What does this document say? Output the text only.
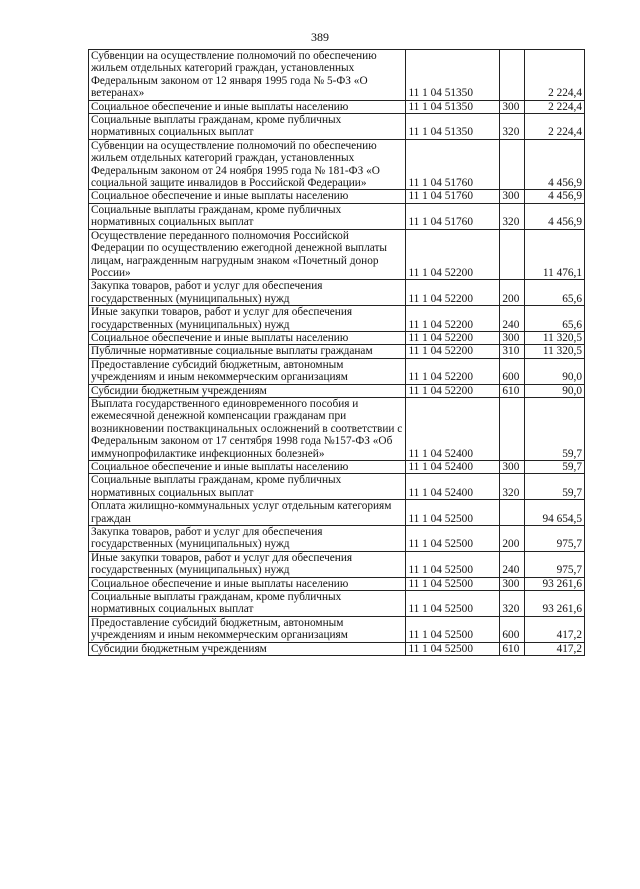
389
Субвенции на осуществление полномочий по обеспечению жильем отдельных категорий граждан, установленных Федеральным законом от 12 января 1995 года № 5-ФЗ «О ветеранах»	11 1 04 51350		2 224,4

Социальное обеспечение и иные выплаты населению	11 1 04 51350	300	2 224,4

Социальные выплаты гражданам, кроме публичных нормативных социальных выплат	11 1 04 51350	320	2 224,4

Субвенции на осуществление полномочий по обеспечению жильем отдельных категорий граждан, установленных Федеральным законом от 24 ноября 1995 года № 181-ФЗ «О социальной защите инвалидов в Российской Федерации»	11 1 04 51760		4 456,9

Социальное обеспечение и иные выплаты населению	11 1 04 51760	300	4 456,9

Социальные выплаты гражданам, кроме публичных нормативных социальных выплат	11 1 04 51760	320	4 456,9

Осуществление переданного полномочия Российской Федерации по осуществлению ежегодной денежной выплаты лицам, награжденным нагрудным знаком «Почетный донор России»	11 1 04 52200		11 476,1

Закупка товаров, работ и услуг для обеспечения государственных (муниципальных) нужд	11 1 04 52200	200	65,6

Иные закупки товаров, работ и услуг для обеспечения государственных (муниципальных) нужд	11 1 04 52200	240	65,6

Социальное обеспечение и иные выплаты населению	11 1 04 52200	300	11 320,5

Публичные нормативные социальные выплаты гражданам	11 1 04 52200	310	11 320,5

Предоставление субсидий бюджетным, автономным учреждениям и иным некоммерческим организациям	11 1 04 52200	600	90,0

Субсидии бюджетным учреждениям	11 1 04 52200	610	90,0

Выплата государственного единовременного пособия и ежемесячной денежной компенсации гражданам при возникновении поствакцинальных осложнений в соответствии с Федеральным законом от 17 сентября 1998 года №157-ФЗ «Об иммунопрофилактике инфекционных болезней»	11 1 04 52400		59,7

Социальное обеспечение и иные выплаты населению	11 1 04 52400	300	59,7

Социальные выплаты гражданам, кроме публичных нормативных социальных выплат	11 1 04 52400	320	59,7

Оплата жилищно-коммунальных услуг отдельным категориям граждан	11 1 04 52500		94 654,5

Закупка товаров, работ и услуг для обеспечения государственных (муниципальных) нужд	11 1 04 52500	200	975,7

Иные закупки товаров, работ и услуг для обеспечения государственных (муниципальных) нужд	11 1 04 52500	240	975,7

Социальное обеспечение и иные выплаты населению	11 1 04 52500	300	93 261,6

Социальные выплаты гражданам, кроме публичных нормативных социальных выплат	11 1 04 52500	320	93 261,6

Предоставление субсидий бюджетным, автономным учреждениям и иным некоммерческим организациям	11 1 04 52500	600	417,2

Субсидии бюджетным учреждениям	11 1 04 52500	610	417,2
